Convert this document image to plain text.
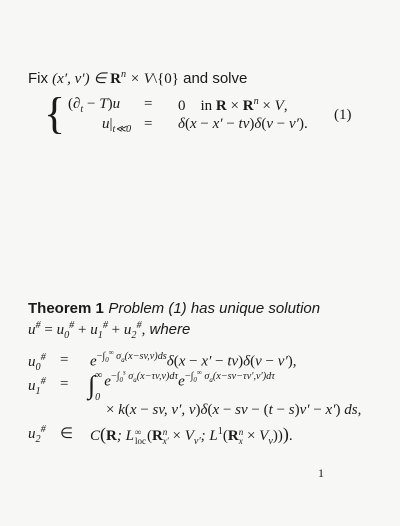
Fix (x′, v′) ∈ $R^n$ × V\{0} and solve
{ $(\partial_t - T)u = 0$ in $R \times R^n \times V$,
$u|_{t≪0} = \delta(x - x' - tv)\delta(v - v')$.
(1)
Theorem 1 Problem (1) has unique solution
$u^{\#} = u_0^{\#} + u_1^{\#} + u_2^{\#}$, where
$u_0^{\#} = e^{-\int_0^\infty \sigma_a(x-sv,v)ds}\delta(x - x' - tv)\delta(v - v')$,
$u_1^{\#}$ = ∫∞

$0e^{-\int_0^s \sigma_a(x-\tau v,v)d\tau}e^{-\int_0^\infty \sigma_a(x-sv-\tau v',v')d\tau}$
× k(x − sv, v′, v)δ(x − sv − (t − s)v′ − x′) ds,
$u_2^{\#}$ ∈ C(R; L∞
loc(Rn
$x' \times V_{v'}$; $L^1(Rn$
$x \times V_v$))).
1
